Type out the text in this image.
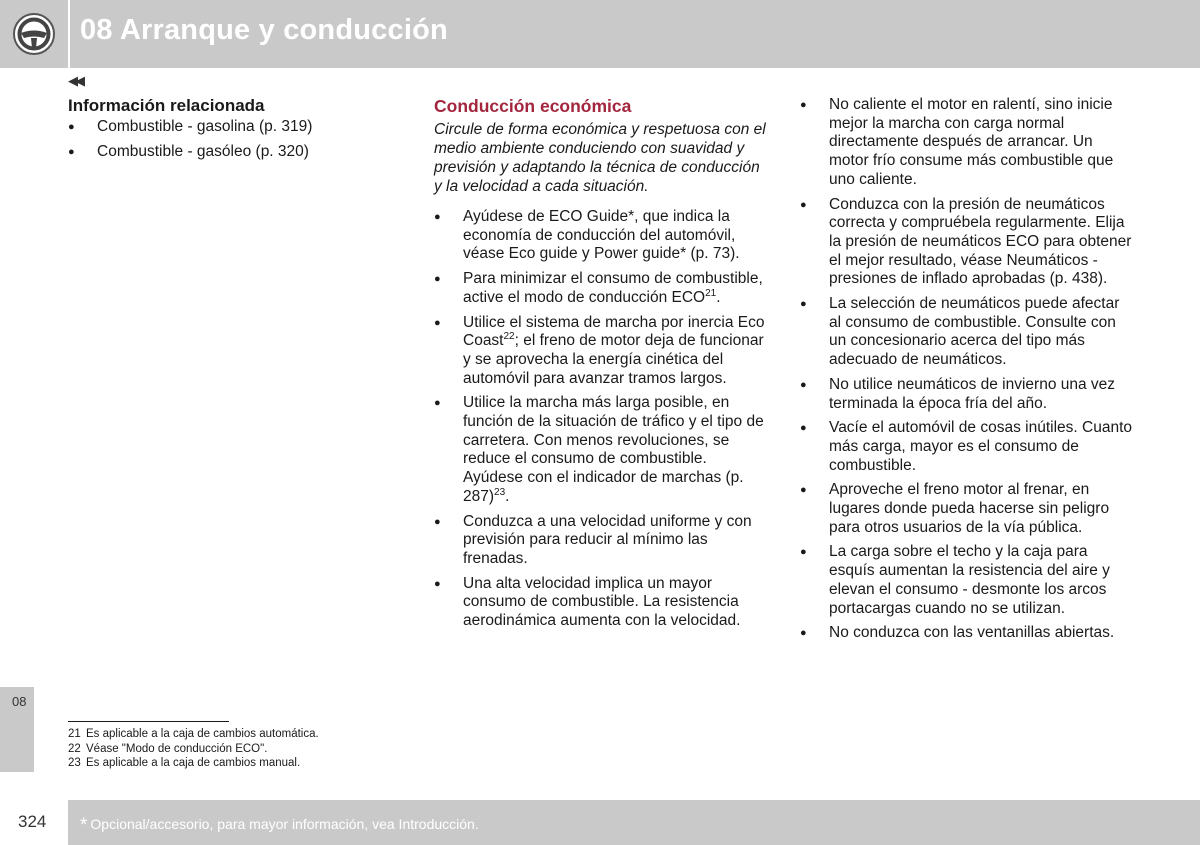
08 Arranque y conducción
◀◀
Información relacionada
● Combustible - gasolina (p. 319)
● Combustible - gasóleo (p. 320)
Conducción económica

Circule de forma económica y respetuosa con el medio ambiente conduciendo con suavidad y previsión y adaptando la técnica de conducción y la velocidad a cada situación.

● Ayúdese de ECO Guide*, que indica la economía de conducción del automóvil, véase Eco guide y Power guide* (p. 73).
● Para minimizar el consumo de combustible, active el modo de conducción ECO$^{21}$.
● Utilice el sistema de marcha por inercia Eco Coast$^{22}$; el freno de motor deja de funcionar y se aprovecha la energía cinética del automóvil para avanzar tramos largos.
● Utilice la marcha más larga posible, en función de la situación de tráfico y el tipo de carretera. Con menos revoluciones, se reduce el consumo de combustible. Ayúdese con el indicador de marchas (p. 287)$^{23}$.
● Conduzca a una velocidad uniforme y con previsión para reducir al mínimo las frenadas.
● Una alta velocidad implica un mayor consumo de combustible. La resistencia aerodinámica aumenta con la velocidad.
● No caliente el motor en ralentí, sino inicie mejor la marcha con carga normal directamente después de arrancar. Un motor frío consume más combustible que uno caliente.
● Conduzca con la presión de neumáticos correcta y compruébela regularmente. Elija la presión de neumáticos ECO para obtener el mejor resultado, véase Neumáticos - presiones de inflado aprobadas (p. 438).
● La selección de neumáticos puede afectar al consumo de combustible. Consulte con un concesionario acerca del tipo más adecuado de neumáticos.
● No utilice neumáticos de invierno una vez terminada la época fría del año.
● Vacíe el automóvil de cosas inútiles. Cuanto más carga, mayor es el consumo de combustible.
● Aproveche el freno motor al frenar, en lugares donde pueda hacerse sin peligro para otros usuarios de la vía pública.
● La carga sobre el techo y la caja para esquís aumentan la resistencia del aire y elevan el consumo - desmonte los arcos portacargas cuando no se utilizan.
● No conduzca con las ventanillas abiertas.
08
21 Es aplicable a la caja de cambios automática.
22 Véase "Modo de conducción ECO".
23 Es aplicable a la caja de cambios manual.
324 * Opcional/accesorio, para mayor información, vea Introducción.
